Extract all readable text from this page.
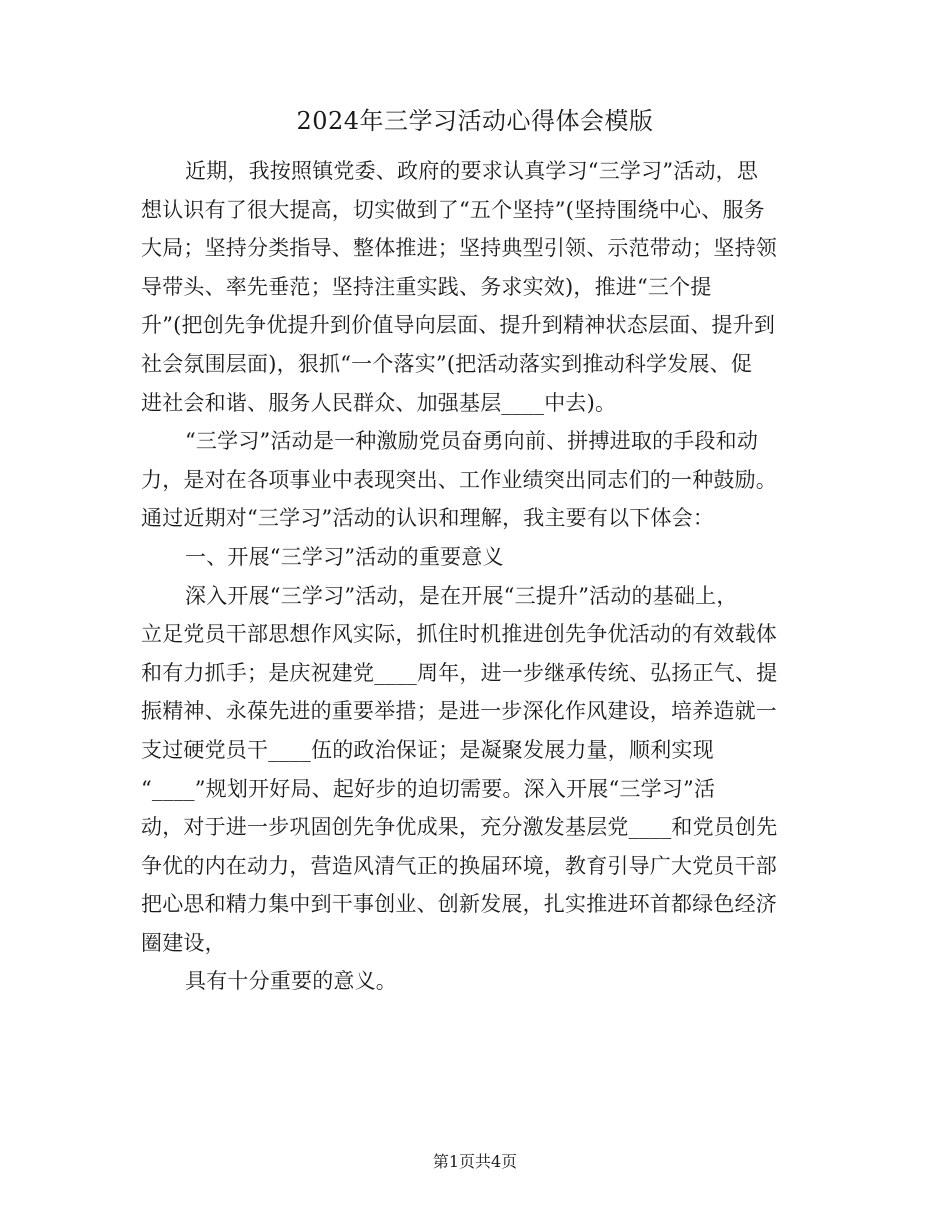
2024年三学习活动心得体会模版
近期，我按照镇党委、政府的要求认真学习“三学习”活动，思
想认识有了很大提高，切实做到了“五个坚持”(坚持围绕中心、服务
大局；坚持分类指导、整体推进；坚持典型引领、示范带动；坚持领
导带头、率先垂范；坚持注重实践、务求实效)，推进“三个提
升”(把创先争优提升到价值导向层面、提升到精神状态层面、提升到
社会氛围层面)，狠抓“一个落实”(把活动落实到推动科学发展、促
进社会和谐、服务人民群众、加强基层____中去)。
“三学习”活动是一种激励党员奋勇向前、拼搏进取的手段和动
力，是对在各项事业中表现突出、工作业绩突出同志们的一种鼓励。
通过近期对“三学习”活动的认识和理解，我主要有以下体会：
一、开展“三学习”活动的重要意义
深入开展“三学习”活动，是在开展“三提升”活动的基础上，
立足党员干部思想作风实际，抓住时机推进创先争优活动的有效载体
和有力抓手；是庆祝建党____周年，进一步继承传统、弘扬正气、提
振精神、永葆先进的重要举措；是进一步深化作风建设，培养造就一
支过硬党员干____伍的政治保证；是凝聚发展力量，顺利实现
“____”规划开好局、起好步的迫切需要。深入开展“三学习”活
动，对于进一步巩固创先争优成果，充分激发基层党____和党员创先
争优的内在动力，营造风清气正的换届环境，教育引导广大党员干部
把心思和精力集中到干事创业、创新发展，扎实推进环首都绿色经济
圈建设，
具有十分重要的意义。
第1页共4页
